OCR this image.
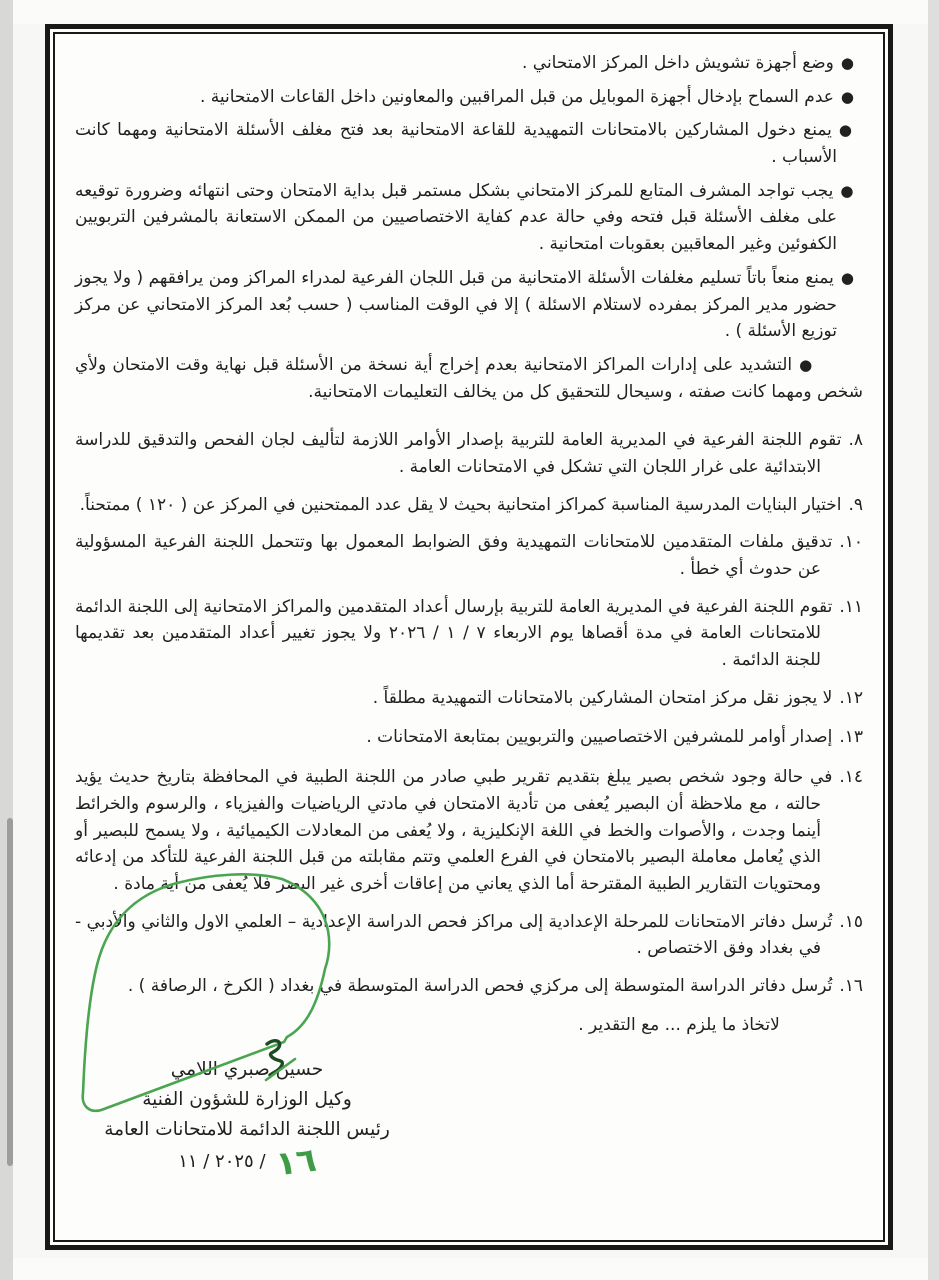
●وضع أجهزة تشويش داخل المركز الامتحاني .

●عدم السماح بإدخال أجهزة الموبايل من قبل المراقبين والمعاونين داخل القاعات الامتحانية .

●يمنع دخول المشاركين بالامتحانات التمهيدية للقاعة الامتحانية بعد فتح مغلف الأسئلة الامتحانية ومهما كانت الأسباب .

●يجب تواجد المشرف المتابع للمركز الامتحاني بشكل مستمر قبل بداية الامتحان وحتى انتهائه وضرورة توقيعه على مغلف الأسئلة قبل فتحه وفي حالة عدم كفاية الاختصاصيين من الممكن الاستعانة بالمشرفين التربويين الكفوئين وغير المعاقبين بعقوبات امتحانية .

●يمنع منعاً باتاً تسليم مغلفات الأسئلة الامتحانية من قبل اللجان الفرعية لمدراء المراكز ومن يرافقهم ( ولا يجوز حضور مدير المركز بمفرده لاستلام الاسئلة ) إلا في الوقت المناسب ( حسب بُعد المركز الامتحاني عن مركز توزيع الأسئلة ) .

●التشديد على إدارات المراكز الامتحانية بعدم إخراج أية نسخة من الأسئلة قبل نهاية وقت الامتحان ولأي شخص ومهما كانت صفته ، وسيحال للتحقيق كل من يخالف التعليمات الامتحانية.

٨.تقوم اللجنة الفرعية في المديرية العامة للتربية بإصدار الأوامر اللازمة لتأليف لجان الفحص والتدقيق للدراسة الابتدائية على غرار اللجان التي تشكل في الامتحانات العامة .

٩.اختيار البنايات المدرسية المناسبة كمراكز امتحانية بحيث لا يقل عدد الممتحنين في المركز عن ( ١٢٠ ) ممتحناً.

١٠.تدقيق ملفات المتقدمين للامتحانات التمهيدية وفق الضوابط المعمول بها وتتحمل اللجنة الفرعية المسؤولية عن حدوث أي خطأ .

١١.تقوم اللجنة الفرعية في المديرية العامة للتربية بإرسال أعداد المتقدمين والمراكز الامتحانية إلى اللجنة الدائمة للامتحانات العامة في مدة أقصاها يوم الاربعاء ٧ / ١ / ٢٠٢٦ ولا يجوز تغيير أعداد المتقدمين بعد تقديمها للجنة الدائمة .

١٢.لا يجوز نقل مركز امتحان المشاركين بالامتحانات التمهيدية مطلقاً .

١٣.إصدار أوامر للمشرفين الاختصاصيين والتربويين بمتابعة الامتحانات .

١٤.في حالة وجود شخص بصير يبلغ بتقديم تقرير طبي صادر من اللجنة الطبية في المحافظة بتاريخ حديث يؤيد حالته ، مع ملاحظة أن البصير يُعفى من تأدية الامتحان في مادتي الرياضيات والفيزياء ، والرسوم والخرائط أينما وجدت ، والأصوات والخط في اللغة الإنكليزية ، ولا يُعفى من المعادلات الكيميائية ، ولا يسمح للبصير أو الذي يُعامل معاملة البصير بالامتحان في الفرع العلمي وتتم مقابلته من قبل اللجنة الفرعية للتأكد من إدعائه ومحتويات التقارير الطبية المقترحة أما الذي يعاني من إعاقات أخرى غير البصر فلا يُعفى من أية مادة .

١٥.تُرسل دفاتر الامتحانات للمرحلة الإعدادية إلى مراكز فحص الدراسة الإعدادية – العلمي الاول والثاني والأدبي - في بغداد وفق الاختصاص .

١٦.تُرسل دفاتر الدراسة المتوسطة إلى مركزي فحص الدراسة المتوسطة في بغداد ( الكرخ ، الرصافة ) .

لاتخاذ ما يلزم ... مع التقدير .

حسين صبري اللامي
وكيل الوزارة للشؤون الفنية
رئيس اللجنة الدائمة للامتحانات العامة
٢٠٢٥ / ١١ / ١٦
